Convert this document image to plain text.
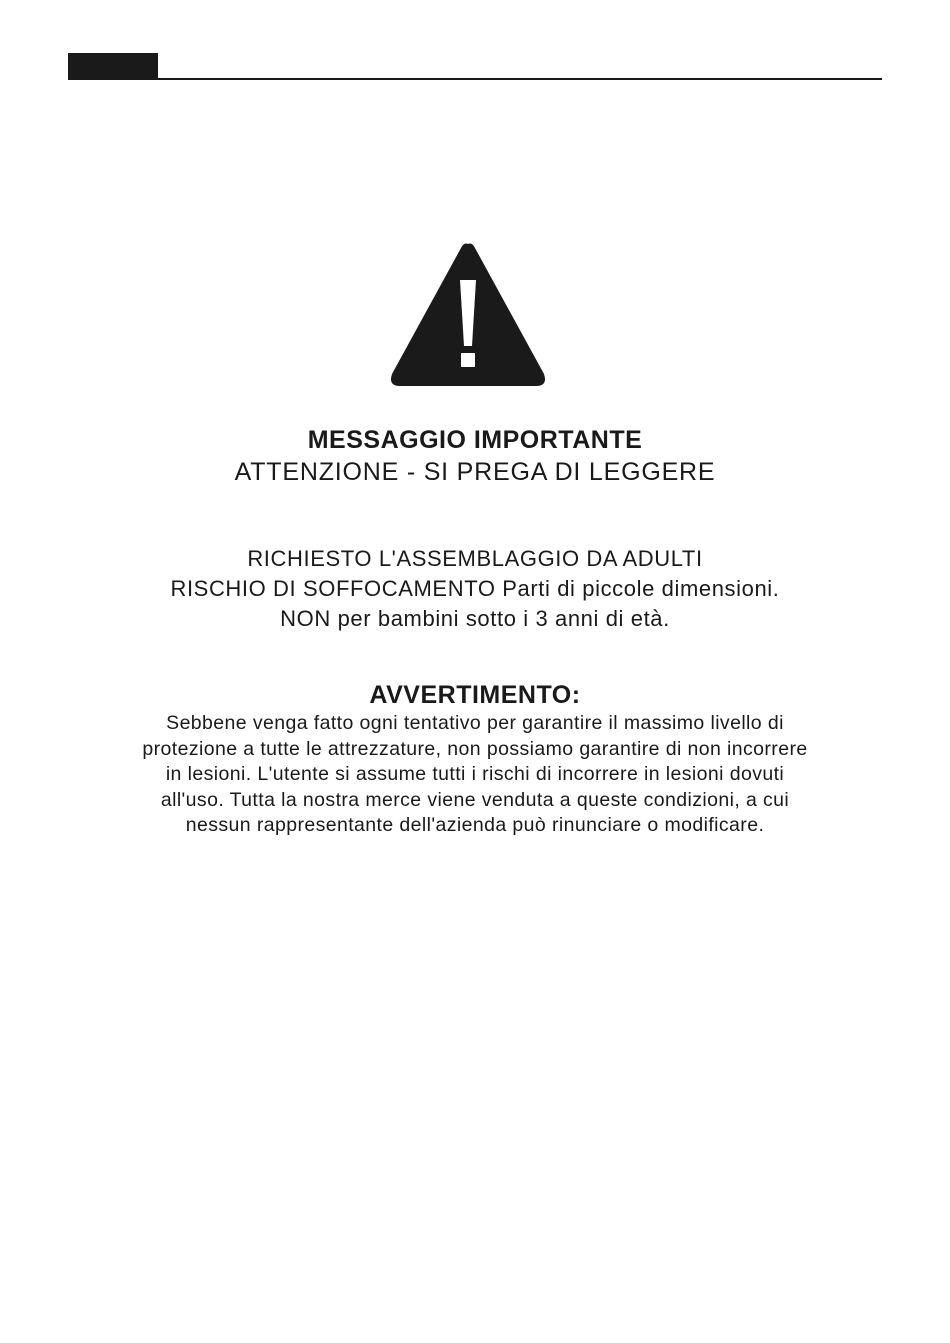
MESSAGGIO IMPORTANTE
ATTENZIONE - SI PREGA DI LEGGERE
RICHIESTO L'ASSEMBLAGGIO DA ADULTI
RISCHIO DI SOFFOCAMENTO Parti di piccole dimensioni.
NON per bambini sotto i 3 anni di età.
AVVERTIMENTO:
Sebbene venga fatto ogni tentativo per garantire il massimo livello di
protezione a tutte le attrezzature, non possiamo garantire di non incorrere
in lesioni. L'utente si assume tutti i rischi di incorrere in lesioni dovuti
all'uso. Tutta la nostra merce viene venduta a queste condizioni, a cui
nessun rappresentante dell'azienda può rinunciare o modificare.
